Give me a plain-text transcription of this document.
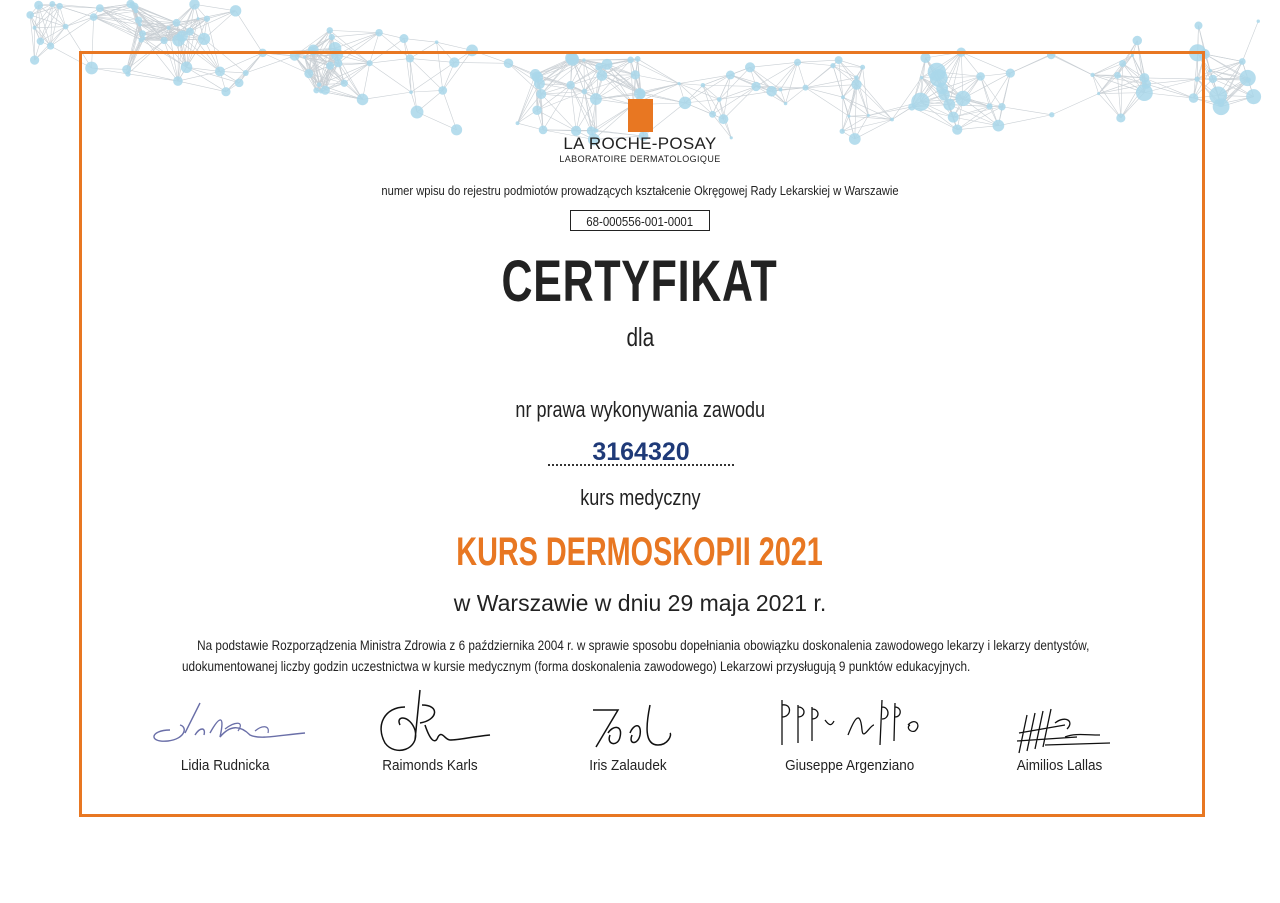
LA ROCHE-POSAY
LABORATOIRE DERMATOLOGIQUE
numer wpisu do rejestru podmiotów prowadzących kształcenie Okręgowej Rady Lekarskiej w Warszawie
68-000556-001-0001
CERTYFIKAT
dla
nr prawa wykonywania zawodu
3164320
kurs medyczny
KURS DERMOSKOPII 2021
w Warszawie w dniu 29 maja 2021 r.
Na podstawie Rozporządzenia Ministra Zdrowia z 6 października 2004 r. w sprawie sposobu dopełniania obowiązku doskonalenia zawodowego lekarzy i lekarzy dentystów,
udokumentowanej liczby godzin uczestnictwa w kursie medycznym (forma doskonalenia zawodowego) Lekarzowi przysługują 9 punktów edukacyjnych.
Lidia Rudnicka	Raimonds Karls	Iris Zalaudek	Giuseppe Argenziano	Aimilios Lallas
